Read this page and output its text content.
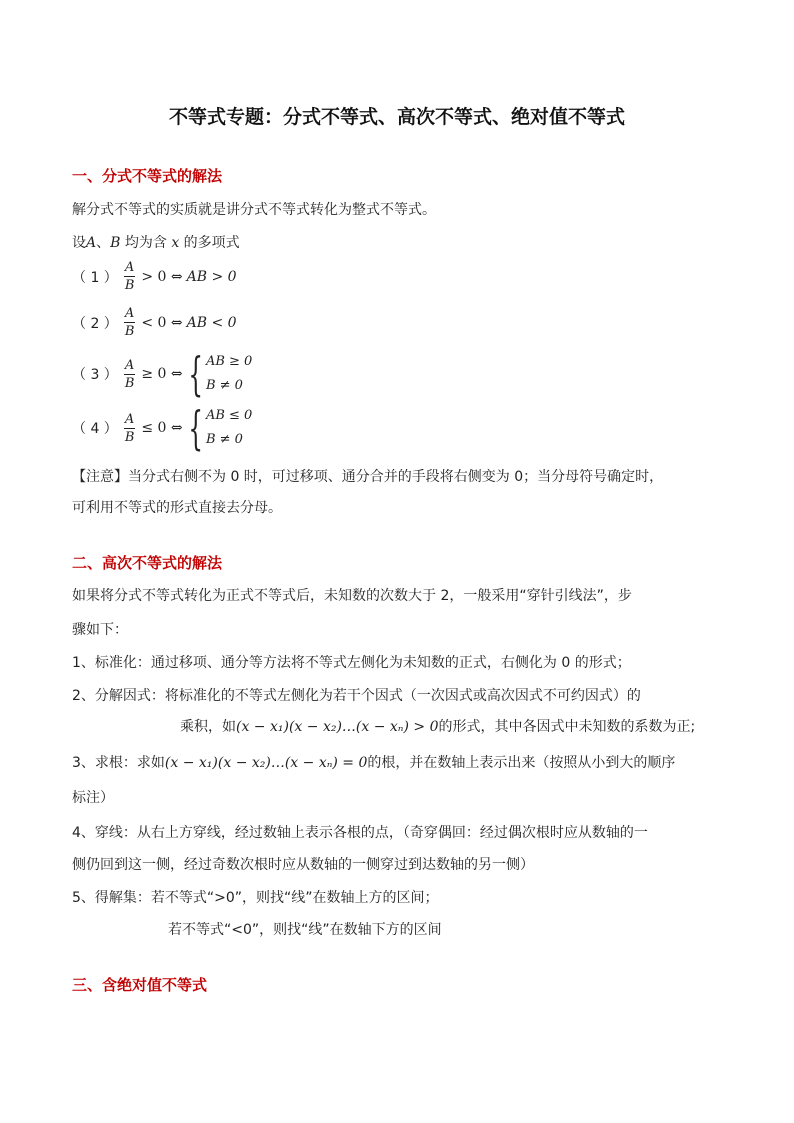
不等式专题：分式不等式、高次不等式、绝对值不等式
一、分式不等式的解法
解分式不等式的实质就是讲分式不等式转化为整式不等式。
设A、B 均为含 x 的多项式
（ 1 ） $\frac{A}{B} > 0$ ⇔ AB > 0
（ 2 ） $\frac{A}{B} < 0$ ⇔ AB < 0
（ 3 ） $\frac{A}{B} \ge 0$ ⇔ { AB ≥ 0
B ≠ 0
（ 4 ） $\frac{A}{B} \le 0$ ⇔ { AB ≤ 0
B ≠ 0
【注意】当分式右侧不为 0 时，可过移项、通分合并的手段将右侧变为 0；当分母符号确定时，
可利用不等式的形式直接去分母。
二、高次不等式的解法
如果将分式不等式转化为正式不等式后，未知数的次数大于 2，一般采用“穿针引线法”，步
骤如下：
1、标准化：通过移项、通分等方法将不等式左侧化为未知数的正式，右侧化为 0 的形式；
2、分解因式：将标准化的不等式左侧化为若干个因式（一次因式或高次因式不可约因式）的
乘积，如(x − x₁)(x − x₂)…(x − xₙ) > 0的形式，其中各因式中未知数的系数为正;
3、求根：求如(x − x₁)(x − x₂)…(x − xₙ) = 0的根，并在数轴上表示出来（按照从小到大的顺序
标注）
4、穿线：从右上方穿线，经过数轴上表示各根的点，（奇穿偶回：经过偶次根时应从数轴的一
侧仍回到这一侧，经过奇数次根时应从数轴的一侧穿过到达数轴的另一侧）
5、得解集：若不等式“>0”，则找“线”在数轴上方的区间；
若不等式“<0”，则找“线”在数轴下方的区间
三、含绝对值不等式
